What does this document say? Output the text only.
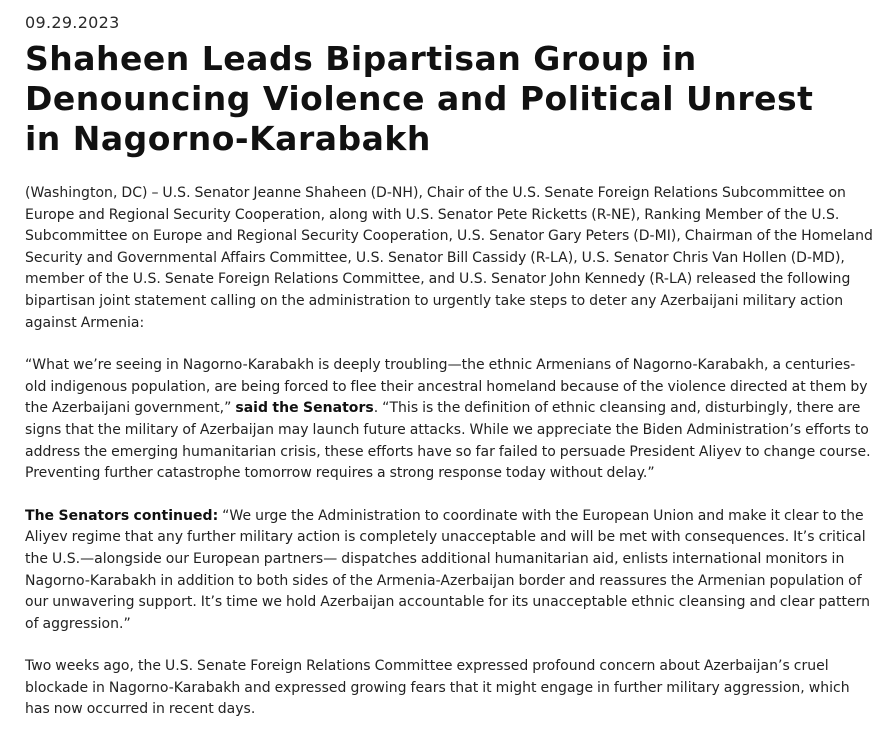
09.29.2023

Shaheen Leads Bipartisan Group in Denouncing Violence and Political Unrest in Nagorno-Karabakh

(Washington, DC) – U.S. Senator Jeanne Shaheen (D-NH), Chair of the U.S. Senate Foreign Relations Subcommittee on Europe and Regional Security Cooperation, along with U.S. Senator Pete Ricketts (R-NE), Ranking Member of the U.S. Subcommittee on Europe and Regional Security Cooperation, U.S. Senator Gary Peters (D-MI), Chairman of the Homeland Security and Governmental Affairs Committee, U.S. Senator Bill Cassidy (R-LA), U.S. Senator Chris Van Hollen (D-MD), member of the U.S. Senate Foreign Relations Committee, and U.S. Senator John Kennedy (R-LA) released the following bipartisan joint statement calling on the administration to urgently take steps to deter any Azerbaijani military action against Armenia:

“What we’re seeing in Nagorno-Karabakh is deeply troubling—the ethnic Armenians of Nagorno-Karabakh, a centuries-old indigenous population, are being forced to flee their ancestral homeland because of the violence directed at them by the Azerbaijani government,” said the Senators. “This is the definition of ethnic cleansing and, disturbingly, there are signs that the military of Azerbaijan may launch future attacks. While we appreciate the Biden Administration’s efforts to address the emerging humanitarian crisis, these efforts have so far failed to persuade President Aliyev to change course. Preventing further catastrophe tomorrow requires a strong response today without delay.”

The Senators continued: “We urge the Administration to coordinate with the European Union and make it clear to the Aliyev regime that any further military action is completely unacceptable and will be met with consequences. It’s critical the U.S.—alongside our European partners— dispatches additional humanitarian aid, enlists international monitors in Nagorno-Karabakh in addition to both sides of the Armenia-Azerbaijan border and reassures the Armenian population of our unwavering support. It’s time we hold Azerbaijan accountable for its unacceptable ethnic cleansing and clear pattern of aggression.”

Two weeks ago, the U.S. Senate Foreign Relations Committee expressed profound concern about Azerbaijan’s cruel blockade in Nagorno-Karabakh and expressed growing fears that it might engage in further military aggression, which has now occurred in recent days.
